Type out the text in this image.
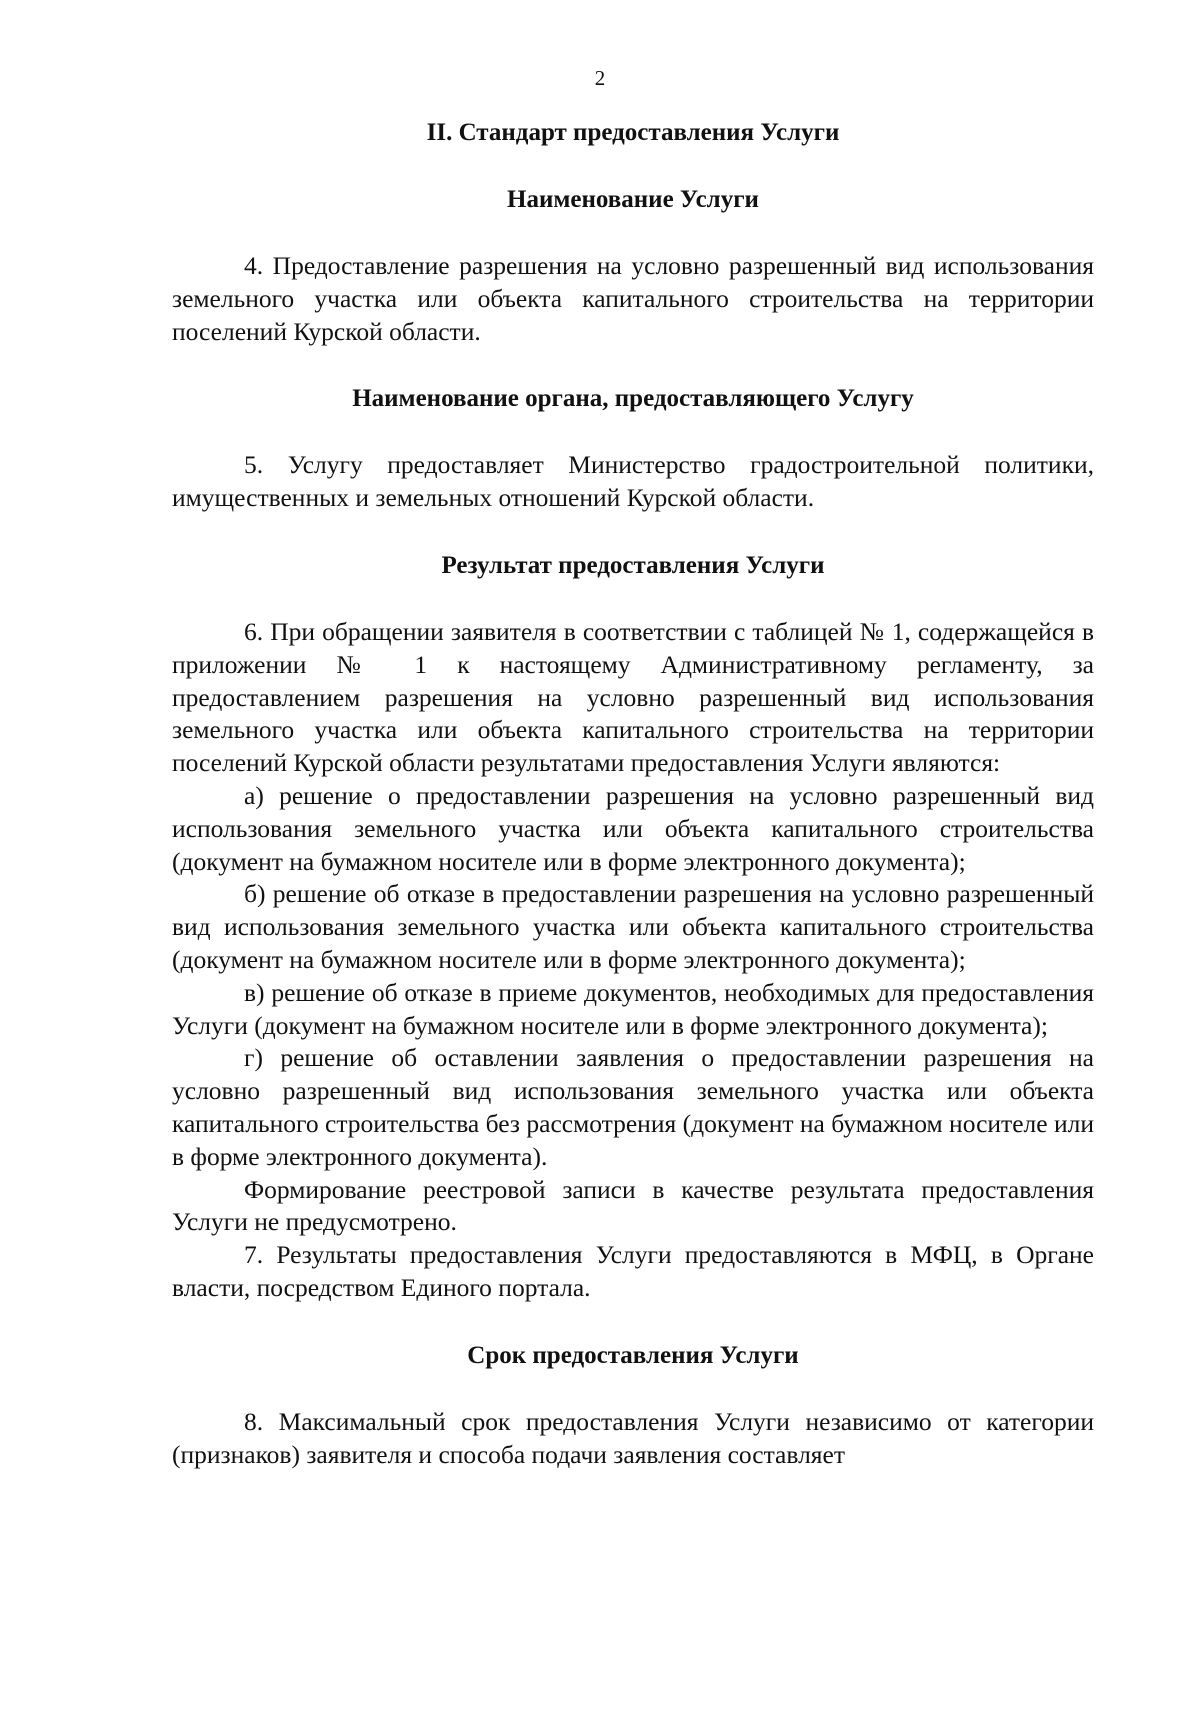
2
II. Стандарт предоставления Услуги
Наименование Услуги

4. Предоставление разрешения на условно разрешенный вид использования земельного участка или объекта капитального строительства на территории поселений Курской области.

Наименование органа, предоставляющего Услугу

5. Услугу предоставляет Министерство градостроительной политики, имущественных и земельных отношений Курской области.

Результат предоставления Услуги

6. При обращении заявителя в соответствии с таблицей № 1, содержащейся в приложении № 1 к настоящему Административному регламенту, за предоставлением разрешения на условно разрешенный вид использования земельного участка или объекта капитального строительства на территории поселений Курской области результатами предоставления Услуги являются:

а) решение о предоставлении разрешения на условно разрешенный вид использования земельного участка или объекта капитального строительства (документ на бумажном носителе или в форме электронного документа);

б) решение об отказе в предоставлении разрешения на условно разрешенный вид использования земельного участка или объекта капитального строительства (документ на бумажном носителе или в форме электронного документа);

в) решение об отказе в приеме документов, необходимых для предоставления Услуги (документ на бумажном носителе или в форме электронного документа);

г) решение об оставлении заявления о предоставлении разрешения на условно разрешенный вид использования земельного участка или объекта капитального строительства без рассмотрения (документ на бумажном носителе или в форме электронного документа).

Формирование реестровой записи в качестве результата предоставления Услуги не предусмотрено.

7. Результаты предоставления Услуги предоставляются в МФЦ, в Органе власти, посредством Единого портала.

Срок предоставления Услуги

8. Максимальный срок предоставления Услуги независимо от категории (признаков) заявителя и способа подачи заявления составляет
